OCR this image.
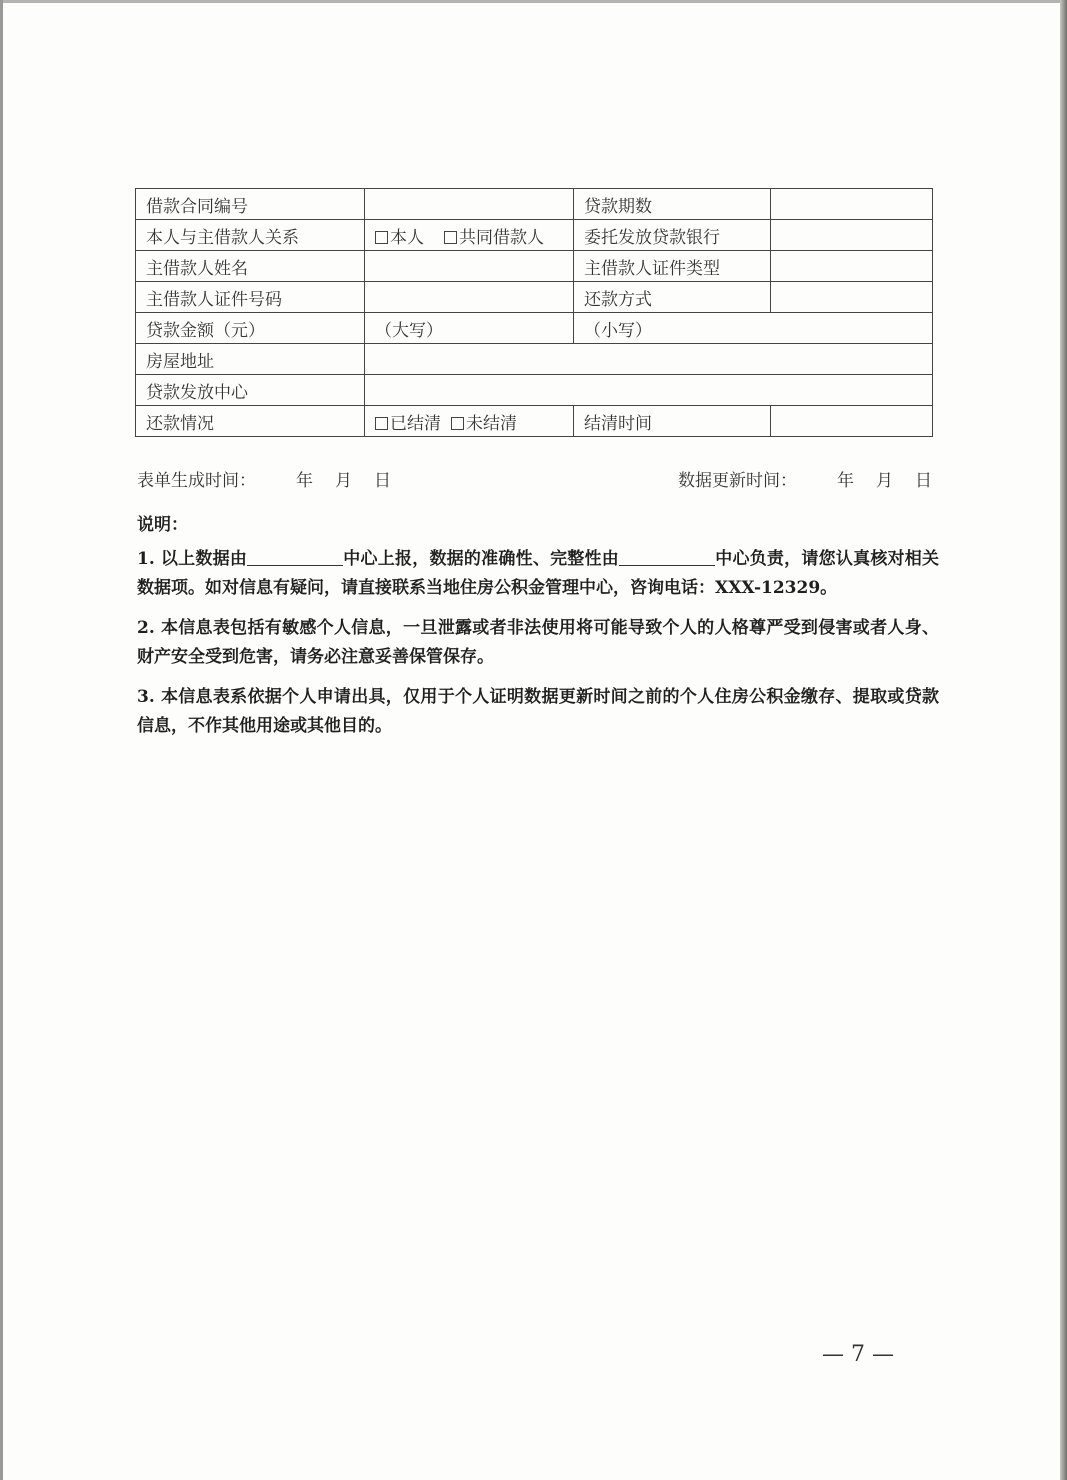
借款合同编号		贷款期数	
本人与主借款人关系	本人 共同借款人	委托发放贷款银行	
主借款人姓名		主借款人证件类型	
主借款人证件号码		还款方式	
贷款金额（元）	（大写）	（小写）	
房屋地址			
贷款发放中心			
还款情况	已结清 未结清	结清时间	
表单生成时间： 年 月 日	数据更新时间： 年 月 日
说明：
1. 以上数据由	中心上报，数据的准确性、完整性由	中心负责，请您认真核对相关数据项。如对信息有疑问，请直接联系当地住房公积金管理中心，咨询电话：XXX-12329。
2. 本信息表包括有敏感个人信息，一旦泄露或者非法使用将可能导致个人的人格尊严受到侵害或者人身、财产安全受到危害，请务必注意妥善保管保存。
3. 本信息表系依据个人申请出具，仅用于个人证明数据更新时间之前的个人住房公积金缴存、提取或贷款信息，不作其他用途或其他目的。
— 7 —
